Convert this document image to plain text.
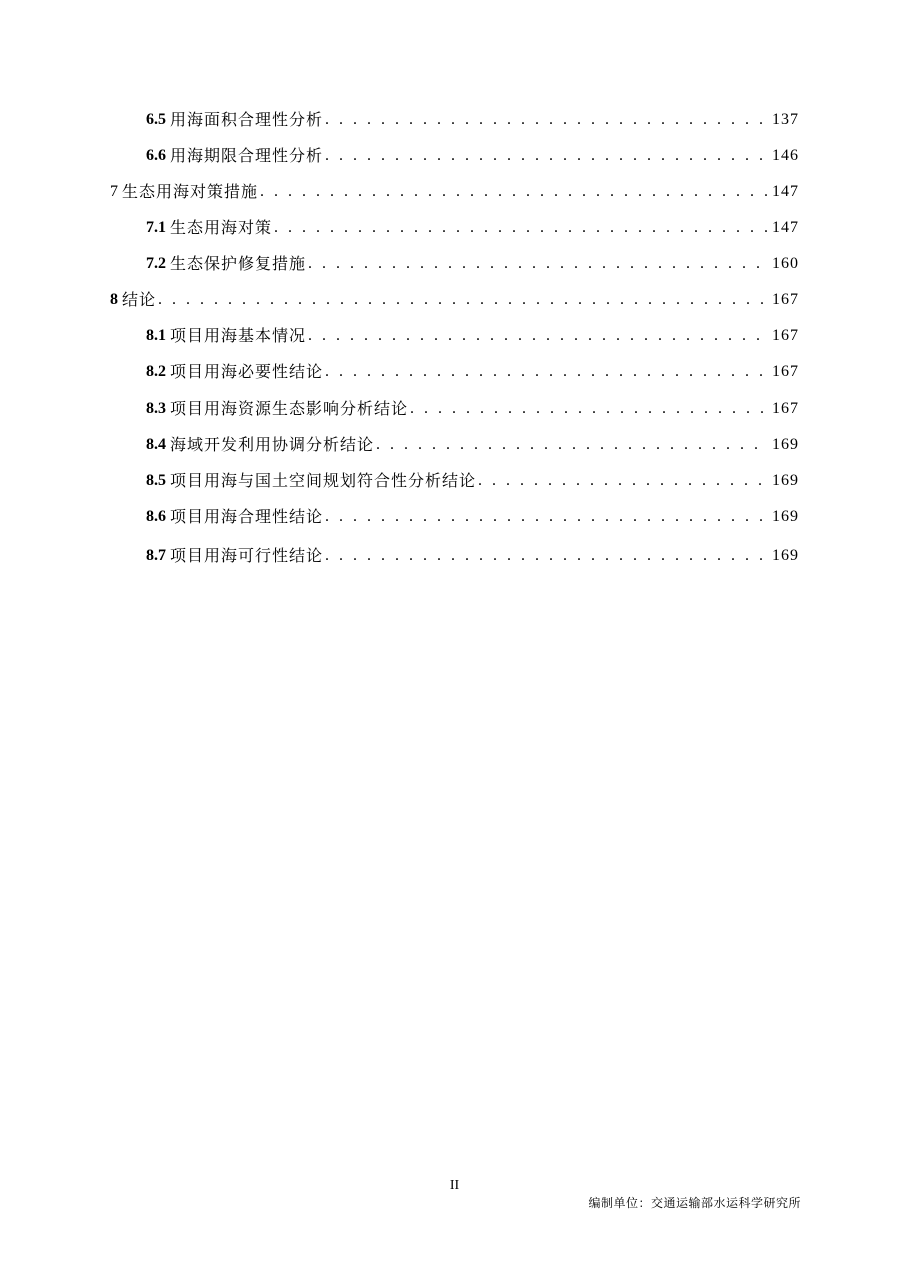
6.5 用海面积合理性分析 . . .	137
6.6 用海期限合理性分析 . . .	146
7 生态用海对策措施 . . .	147
7.1 生态用海对策 . . .	147
7.2 生态保护修复措施 . . .	160
8 结论 . . .	167
8.1 项目用海基本情况 . . .	167
8.2 项目用海必要性结论 . . .	167
8.3 项目用海资源生态影响分析结论 . . .	167
8.4 海域开发利用协调分析结论 . . .	169
8.5 项目用海与国土空间规划符合性分析结论 . . .	169
8.6 项目用海合理性结论 . . .	169
8.7 项目用海可行性结论 . . .	169
II
编制单位：交通运输部水运科学研究所
